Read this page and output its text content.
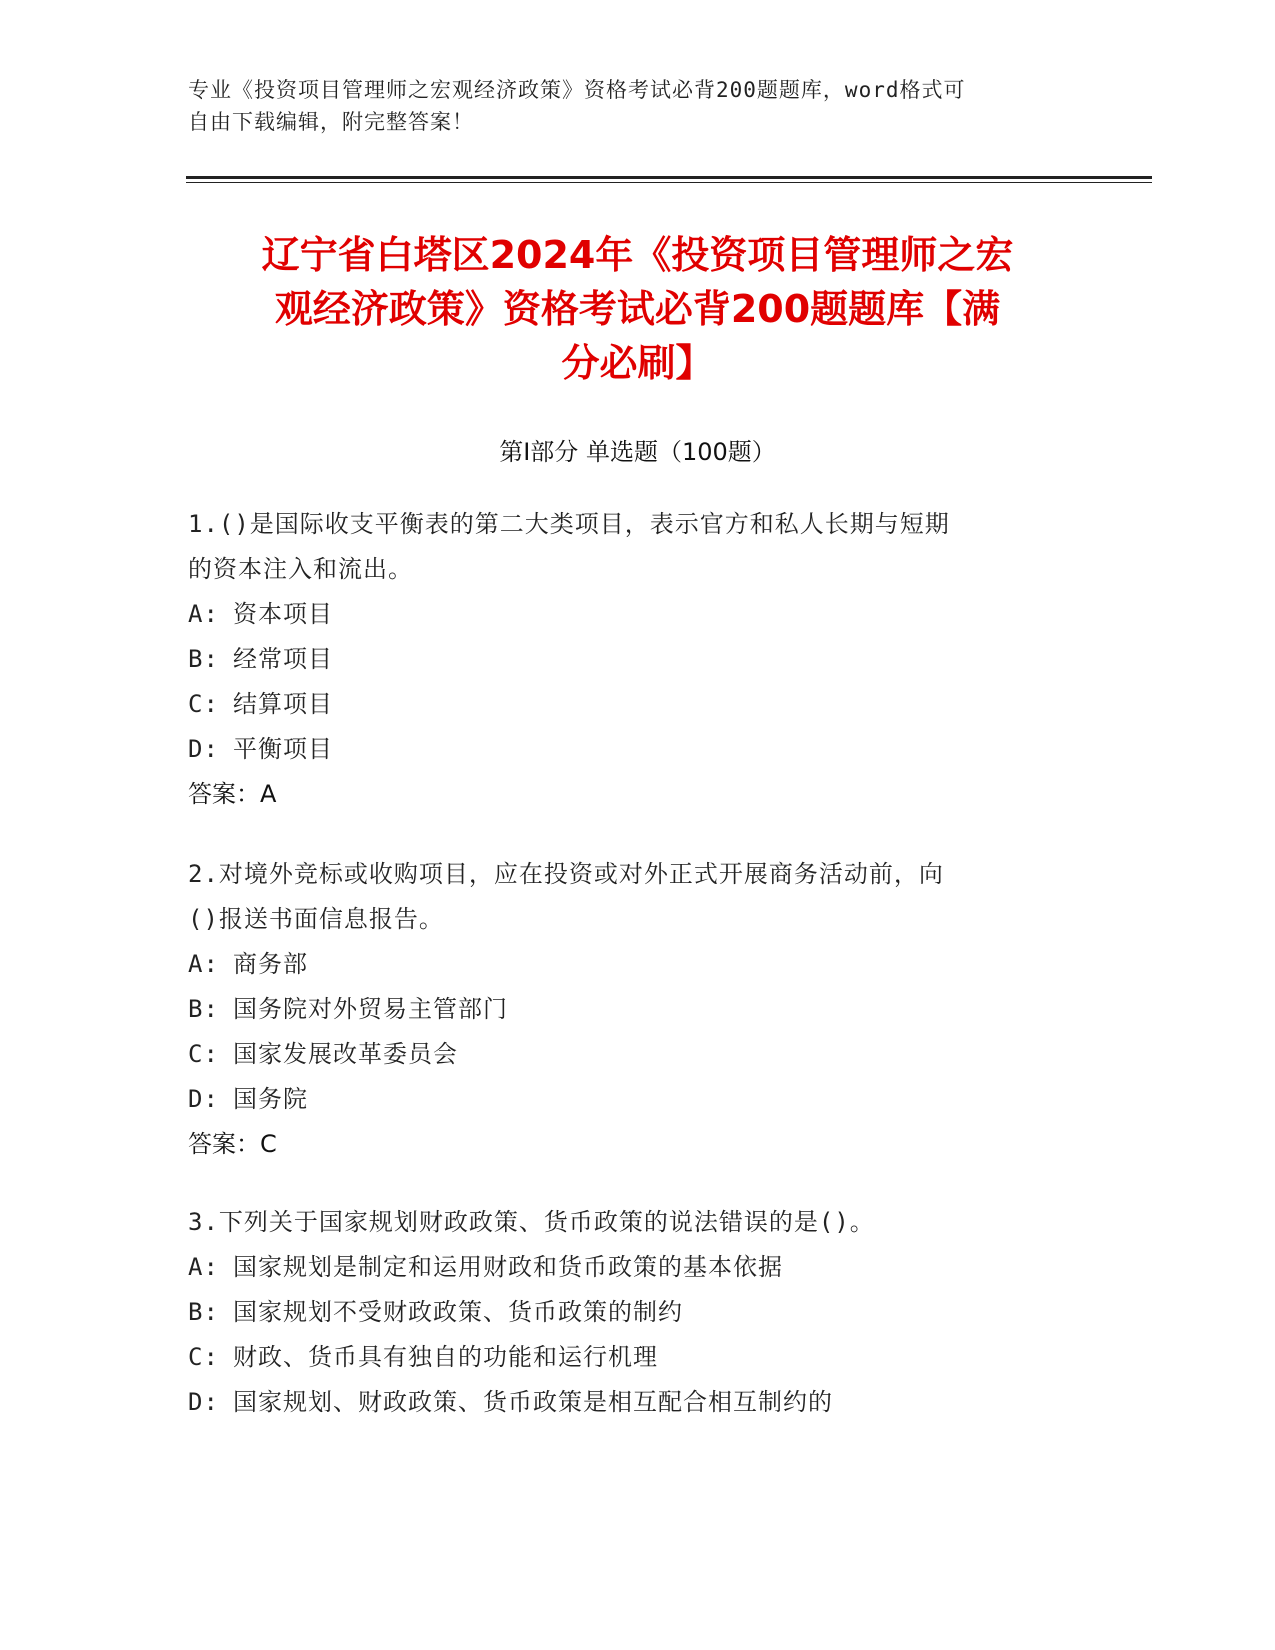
专业《投资项目管理师之宏观经济政策》资格考试必背200题题库，word格式可

自由下载编辑，附完整答案！

辽宁省白塔区2024年《投资项目管理师之宏
观经济政策》资格考试必背200题题库【满
分必刷】
第Ⅰ部分 单选题（100题）

1.()是国际收支平衡表的第二大类项目，表示官方和私人长期与短期

的资本注入和流出。

A: 资本项目

B: 经常项目

C: 结算项目

D: 平衡项目

答案：A

2.对境外竞标或收购项目，应在投资或对外正式开展商务活动前，向

()报送书面信息报告。

A: 商务部

B: 国务院对外贸易主管部门

C: 国家发展改革委员会

D: 国务院

答案：C

3.下列关于国家规划财政政策、货币政策的说法错误的是()。

A: 国家规划是制定和运用财政和货币政策的基本依据

B: 国家规划不受财政政策、货币政策的制约

C: 财政、货币具有独自的功能和运行机理

D: 国家规划、财政政策、货币政策是相互配合相互制约的
